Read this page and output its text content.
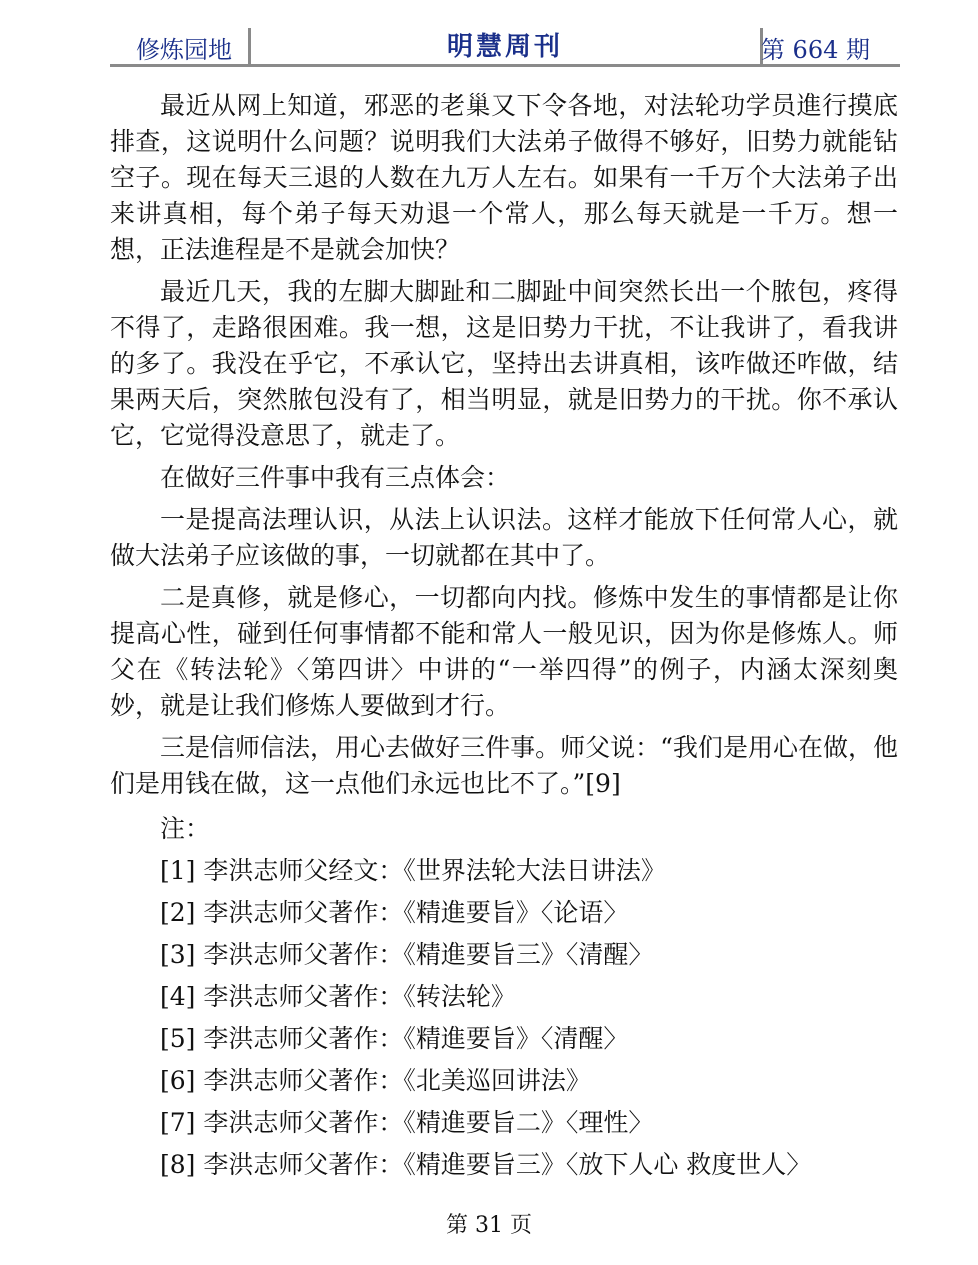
修炼园地	明慧周刊	第 664 期

最近从网上知道，邪恶的老巢又下令各地，对法轮功学员進行摸底排查，这说明什么问题？说明我们大法弟子做得不够好，旧势力就能钻空子。现在每天三退的人数在九万人左右。如果有一千万个大法弟子出来讲真相，每个弟子每天劝退一个常人，那么每天就是一千万。想一想，正法進程是不是就会加快？

最近几天，我的左脚大脚趾和二脚趾中间突然长出一个脓包，疼得不得了，走路很困难。我一想，这是旧势力干扰，不让我讲了，看我讲的多了。我没在乎它，不承认它，坚持出去讲真相，该咋做还咋做，结果两天后，突然脓包没有了，相当明显，就是旧势力的干扰。你不承认它，它觉得没意思了，就走了。

在做好三件事中我有三点体会：

一是提高法理认识，从法上认识法。这样才能放下任何常人心，就做大法弟子应该做的事，一切就都在其中了。

二是真修，就是修心，一切都向内找。修炼中发生的事情都是让你提高心性，碰到任何事情都不能和常人一般见识，因为你是修炼人。师父在《转法轮》〈第四讲〉中讲的“一举四得”的例子，内涵太深刻奥妙，就是让我们修炼人要做到才行。

三是信师信法，用心去做好三件事。师父说：“我们是用心在做，他们是用钱在做，这一点他们永远也比不了。”[9]

注：
[1] 李洪志师父经文：《世界法轮大法日讲法》
[2] 李洪志师父著作：《精進要旨》〈论语〉
[3] 李洪志师父著作：《精進要旨三》〈清醒〉
[4] 李洪志师父著作：《转法轮》
[5] 李洪志师父著作：《精進要旨》〈清醒〉
[6] 李洪志师父著作：《北美巡回讲法》
[7] 李洪志师父著作：《精進要旨二》〈理性〉
[8] 李洪志师父著作：《精進要旨三》〈放下人心 救度世人〉
第 31 页
